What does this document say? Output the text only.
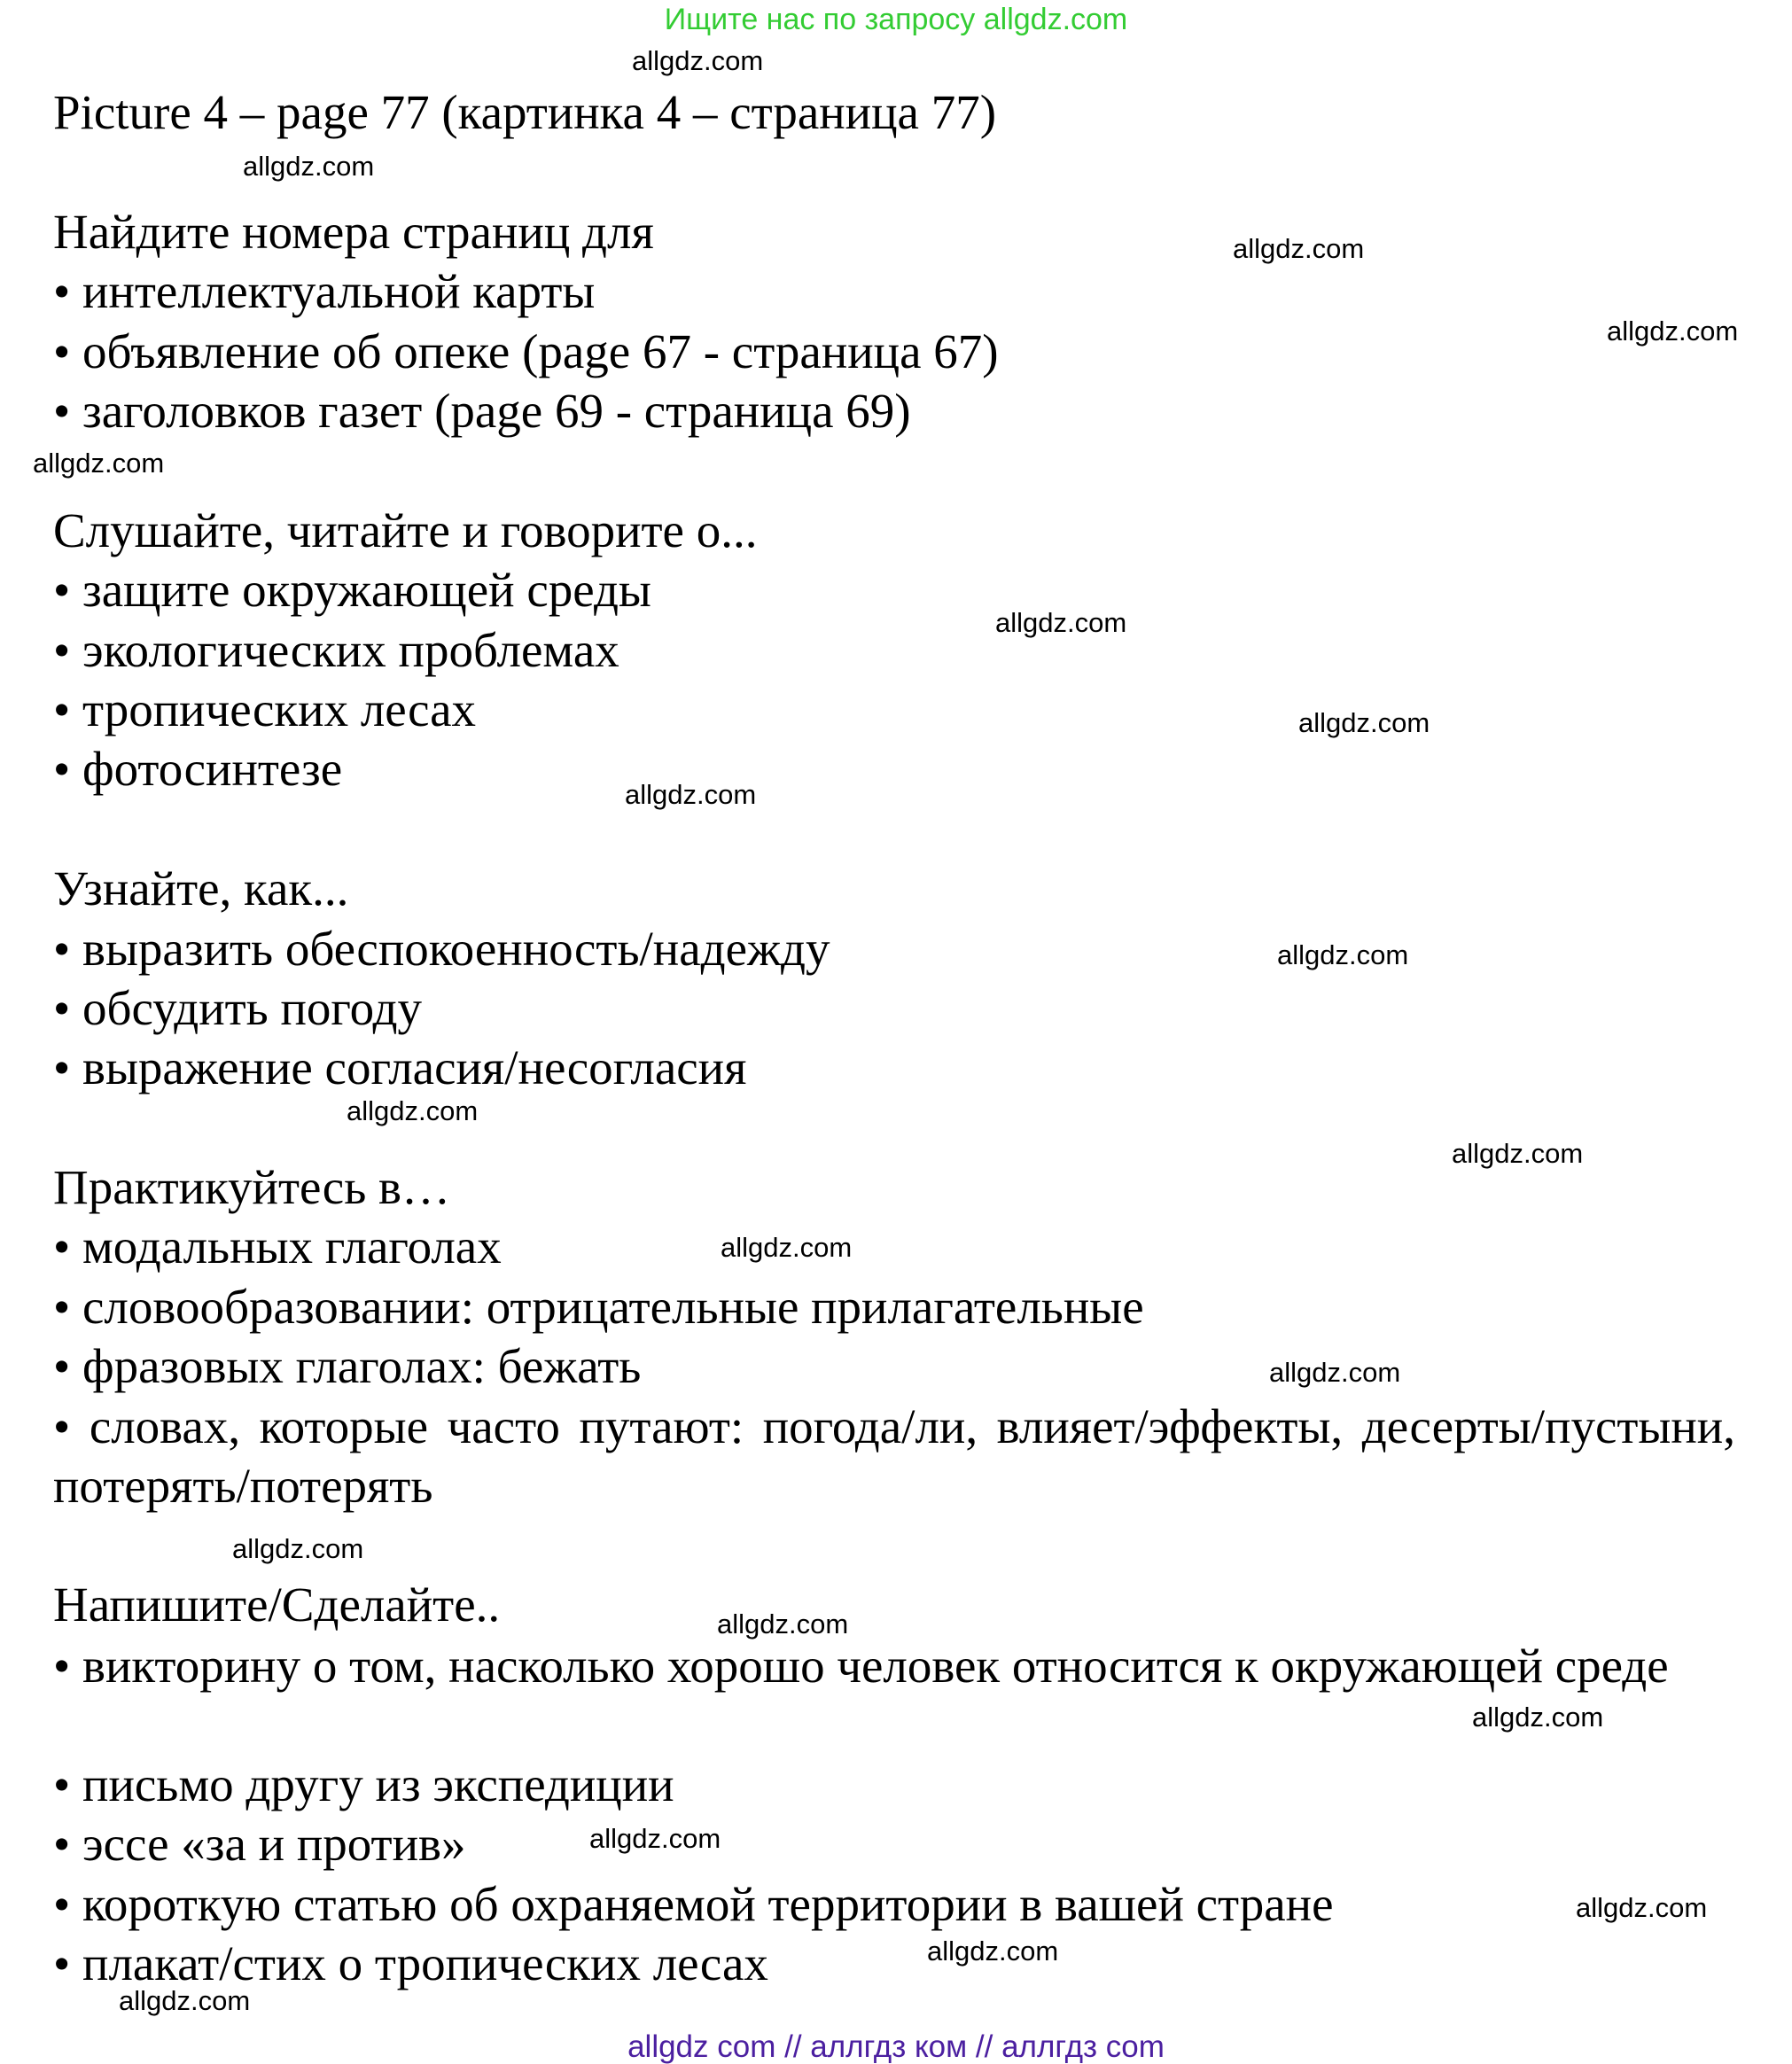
Ищите нас по запросу allgdz.com
Picture 4 – page 77 (картинка 4 – страница 77)
Найдите номера страниц для
• интеллектуальной карты
• объявление об опеке (page 67 - страница 67)
• заголовков газет (page 69 - страница 69)
Слушайте, читайте и говорите о...
• защите окружающей среды
• экологических проблемах
• тропических лесах
• фотосинтезе
Узнайте, как...
• выразить обеспокоенность/надежду
• обсудить погоду
• выражение согласия/несогласия
Практикуйтесь в…
• модальных глаголах
• словообразовании: отрицательные прилагательные
• фразовых глаголах: бежать
• словах, которые часто путают: погода/ли, влияет/эффекты, десерты/пустыни, потерять/потерять
Напишите/Сделайте..
• викторину о том, насколько хорошо человек относится к окружающей среде
• письмо другу из экспедиции
• эссе «за и против»
• короткую статью об охраняемой территории в вашей стране
• плакат/стих о тропических лесах
allgdz.com
allgdz.com
allgdz.com
allgdz.com
allgdz.com
allgdz.com
allgdz.com
allgdz.com
allgdz.com
allgdz.com
allgdz.com
allgdz.com
allgdz.com
allgdz.com
allgdz.com
allgdz.com
allgdz.com
allgdz.com
allgdz.com
allgdz.com
allgdz com // аллгдз ком // аллгдз com
